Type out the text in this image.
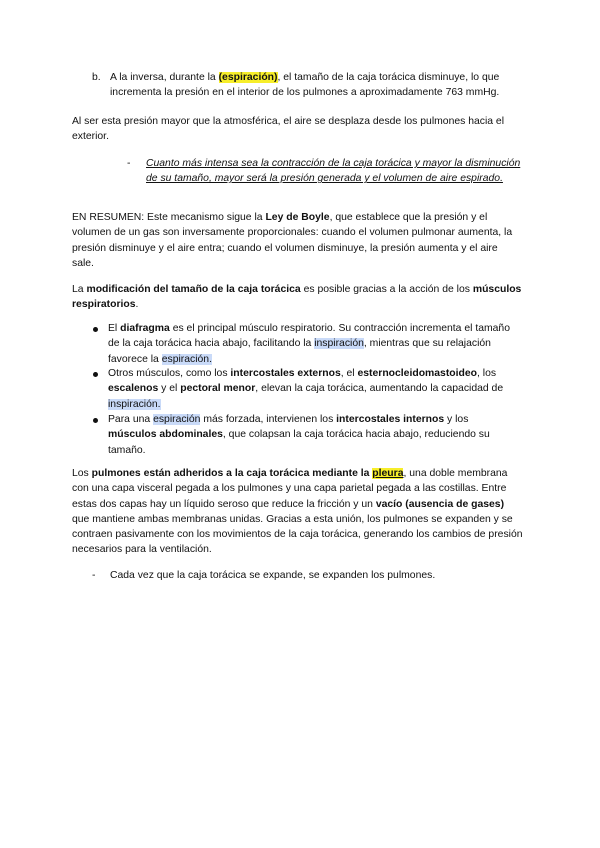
b. A la inversa, durante la (espiración), el tamaño de la caja torácica disminuye, lo que incrementa la presión en el interior de los pulmones a aproximadamente 763 mmHg.

Al ser esta presión mayor que la atmosférica, el aire se desplaza desde los pulmones hacia el exterior.

- Cuanto más intensa sea la contracción de la caja torácica y mayor la disminución de su tamaño, mayor será la presión generada y el volumen de aire espirado.

EN RESUMEN: Este mecanismo sigue la Ley de Boyle, que establece que la presión y el volumen de un gas son inversamente proporcionales: cuando el volumen pulmonar aumenta, la presión disminuye y el aire entra; cuando el volumen disminuye, la presión aumenta y el aire sale.

La modificación del tamaño de la caja torácica es posible gracias a la acción de los músculos respiratorios.

El diafragma es el principal músculo respiratorio. Su contracción incrementa el tamaño de la caja torácica hacia abajo, facilitando la inspiración, mientras que su relajación favorece la espiración.

Otros músculos, como los intercostales externos, el esternocleidomastoideo, los escalenos y el pectoral menor, elevan la caja torácica, aumentando la capacidad de inspiración.

Para una espiración más forzada, intervienen los intercostales internos y los músculos abdominales, que colapsan la caja torácica hacia abajo, reduciendo su tamaño.

Los pulmones están adheridos a la caja torácica mediante la pleura, una doble membrana con una capa visceral pegada a los pulmones y una capa parietal pegada a las costillas. Entre estas dos capas hay un líquido seroso que reduce la fricción y un vacío (ausencia de gases) que mantiene ambas membranas unidas. Gracias a esta unión, los pulmones se expanden y se contraen pasivamente con los movimientos de la caja torácica, generando los cambios de presión necesarios para la ventilación.

- Cada vez que la caja torácica se expande, se expanden los pulmones.
